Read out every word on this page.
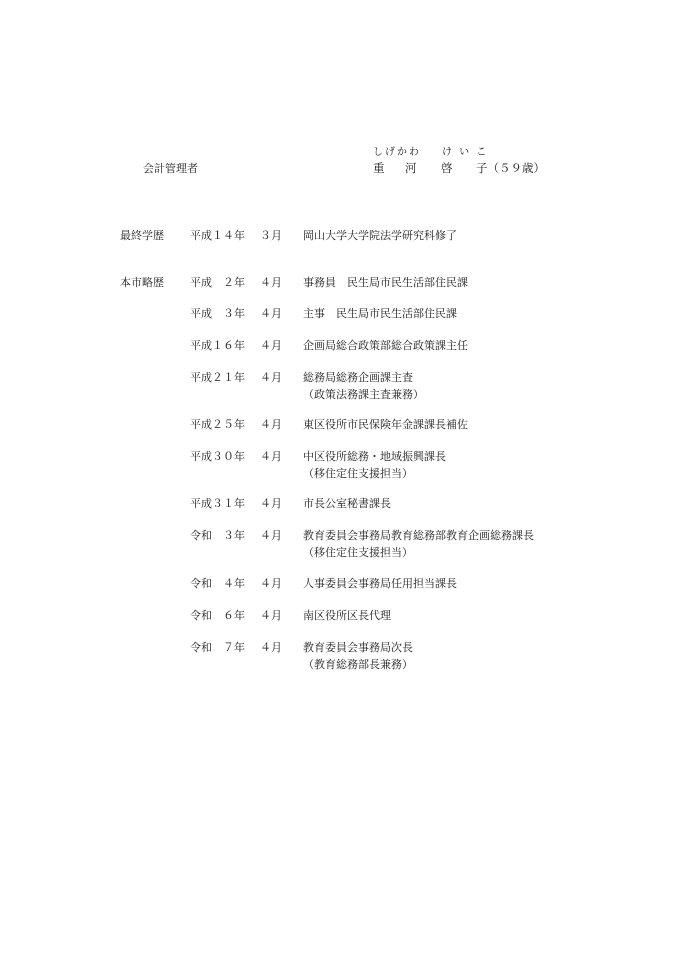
会計管理者
しげかわ け い こ
重 河 啓 子（５９歳）
最終学歴 平成１４年 ３月 岡山大学大学院法学研究科修了
本市略歴 平成　２年 ４月 事務員　民生局市民生活部住民課
平成　３年 ４月 主事　民生局市民生活部住民課
平成１６年 ４月 企画局総合政策部総合政策課主任
平成２１年 ４月 総務局総務企画課主査
（政策法務課主査兼務）
平成２５年 ４月 東区役所市民保険年金課課長補佐
平成３０年 ４月 中区役所総務・地域振興課長
（移住定住支援担当）
平成３１年 ４月 市長公室秘書課長
令和　３年 ４月 教育委員会事務局教育総務部教育企画総務課長
（移住定住支援担当）
令和　４年 ４月 人事委員会事務局任用担当課長
令和　６年 ４月 南区役所区長代理
令和　７年 ４月 教育委員会事務局次長
（教育総務部長兼務）
